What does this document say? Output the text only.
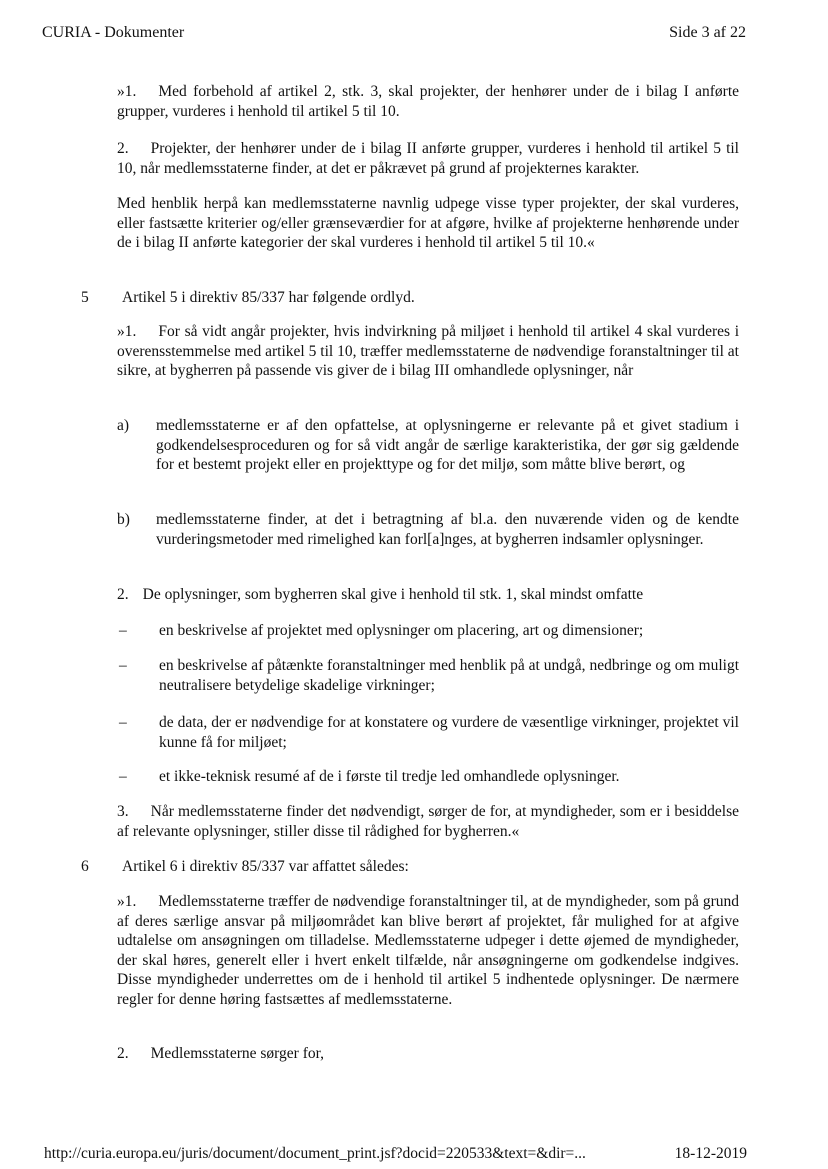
CURIA - Dokumenter	Side 3 af 22
»1. Med forbehold af artikel 2, stk. 3, skal projekter, der henhører under de i bilag I anførte grupper, vurderes i henhold til artikel 5 til 10.
2. Projekter, der henhører under de i bilag II anførte grupper, vurderes i henhold til artikel 5 til 10, når medlemsstaterne finder, at det er påkrævet på grund af projekternes karakter.
Med henblik herpå kan medlemsstaterne navnlig udpege visse typer projekter, der skal vurderes, eller fastsætte kriterier og/eller grænseværdier for at afgøre, hvilke af projekterne henhørende under de i bilag II anførte kategorier der skal vurderes i henhold til artikel 5 til 10.«
5 Artikel 5 i direktiv 85/337 har følgende ordlyd.
»1. For så vidt angår projekter, hvis indvirkning på miljøet i henhold til artikel 4 skal vurderes i overensstemmelse med artikel 5 til 10, træffer medlemsstaterne de nødvendige foranstaltninger til at sikre, at bygherren på passende vis giver de i bilag III omhandlede oplysninger, når
a) medlemsstaterne er af den opfattelse, at oplysningerne er relevante på et givet stadium i godkendelsesproceduren og for så vidt angår de særlige karakteristika, der gør sig gældende for et bestemt projekt eller en projekttype og for det miljø, som måtte blive berørt, og
b) medlemsstaterne finder, at det i betragtning af bl.a. den nuværende viden og de kendte vurderingsmetoder med rimelighed kan forl[a]nges, at bygherren indsamler oplysninger.
2. De oplysninger, som bygherren skal give i henhold til stk. 1, skal mindst omfatte
– en beskrivelse af projektet med oplysninger om placering, art og dimensioner;
– en beskrivelse af påtænkte foranstaltninger med henblik på at undgå, nedbringe og om muligt neutralisere betydelige skadelige virkninger;
– de data, der er nødvendige for at konstatere og vurdere de væsentlige virkninger, projektet vil kunne få for miljøet;
– et ikke-teknisk resumé af de i første til tredje led omhandlede oplysninger.
3. Når medlemsstaterne finder det nødvendigt, sørger de for, at myndigheder, som er i besiddelse af relevante oplysninger, stiller disse til rådighed for bygherren.«
6 Artikel 6 i direktiv 85/337 var affattet således:
»1. Medlemsstaterne træffer de nødvendige foranstaltninger til, at de myndigheder, som på grund af deres særlige ansvar på miljøområdet kan blive berørt af projektet, får mulighed for at afgive udtalelse om ansøgningen om tilladelse. Medlemsstaterne udpeger i dette øjemed de myndigheder, der skal høres, generelt eller i hvert enkelt tilfælde, når ansøgningerne om godkendelse indgives. Disse myndigheder underrettes om de i henhold til artikel 5 indhentede oplysninger. De nærmere regler for denne høring fastsættes af medlemsstaterne.
2. Medlemsstaterne sørger for,
http://curia.europa.eu/juris/document/document_print.jsf?docid=220533&text=&dir=...	18-12-2019
